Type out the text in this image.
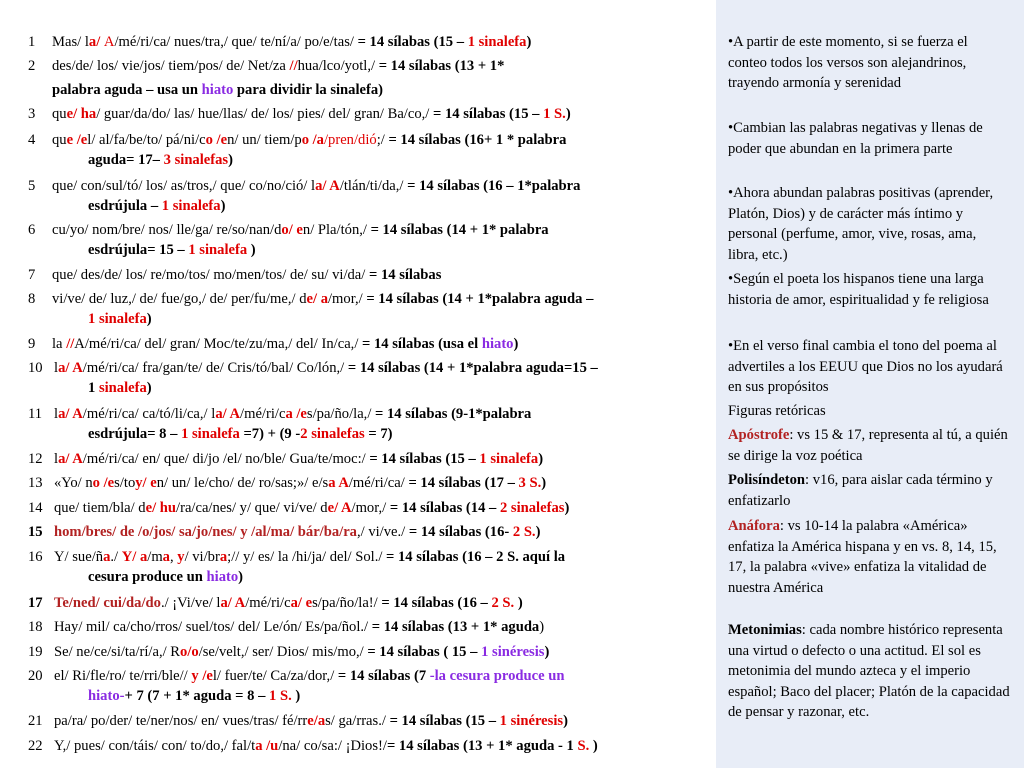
1 Mas/ la/ A/mé/ri/ca/ nues/tra,/ que/ te/ní/a/ po/e/tas/ = 14 sílabas (15 – 1 sinalefa)
2 des/de/ los/ vie/jos/ tiem/pos/ de/ Net/za //hua/lco/yotl,/ = 14 sílabas (13 + 1*
palabra aguda – usa un hiato para dividir la sinalefa)
3 que/ ha/ guar/da/do/ las/ hue/llas/ de/ los/ pies/ del/ gran/ Ba/co,/ = 14 sílabas (15 – 1 S.)
4 que /el/ al/fa/be/to/ pá/ni/co /en/ un/ tiem/po /a/pren/dió;/ = 14 sílabas (16+ 1 * palabra
aguda= 17– 3 sinalefas)
5 que/ con/sul/tó/ los/ as/tros,/ que/ co/no/ció/ la/ A/tlán/ti/da,/ = 14 sílabas (16 – 1*palabra
esdrújula – 1 sinalefa)
6 cu/yo/ nom/bre/ nos/ lle/ga/ re/so/nan/do/ en/ Pla/tón,/ = 14 sílabas (14 + 1* palabra
esdrújula= 15 – 1 sinalefa )
7 que/ des/de/ los/ re/mo/tos/ mo/men/tos/ de/ su/ vi/da/ = 14 sílabas
8 vi/ve/ de/ luz,/ de/ fue/go,/ de/ per/fu/me,/ de/ a/mor,/ = 14 sílabas (14 + 1*palabra aguda –
1 sinalefa)
9 la //A/mé/ri/ca/ del/ gran/ Moc/te/zu/ma,/ del/ In/ca,/ = 14 sílabas (usa el hiato)
10 la/ A/mé/ri/ca/ fra/gan/te/ de/ Cris/tó/bal/ Co/lón,/ = 14 sílabas (14 + 1*palabra aguda=15 –
1 sinalefa)
11 la/ A/mé/ri/ca/ ca/tó/li/ca,/ la/ A/mé/ri/ca /es/pa/ño/la,/ = 14 sílabas (9-1*palabra
esdrújula= 8 – 1 sinalefa =7) + (9 -2 sinalefas = 7)
12 la/ A/mé/ri/ca/ en/ que/ di/jo /el/ no/ble/ Gua/te/moc:/ = 14 sílabas (15 – 1 sinalefa)
13 «Yo/ no /es/toy/ en/ un/ le/cho/ de/ ro/sas;»/ e/sa A/mé/ri/ca/ = 14 sílabas (17 – 3 S.)
14 que/ tiem/bla/ de/ hu/ra/ca/nes/ y/ que/ vi/ve/ de/ A/mor,/ = 14 sílabas (14 – 2 sinalefas)
15 hom/bres/ de /o/jos/ sa/jo/nes/ y /al/ma/ bár/ba/ra,/ vi/ve./ = 14 sílabas (16- 2 S.)
16 Y/ sue/ña./ Y/ a/ma, y/ vi/bra;// y/ es/ la /hi/ja/ del/ Sol./ = 14 sílabas (16 – 2 S. aquí la
cesura produce un hiato)
17 Te/ned/ cui/da/do./ ¡Vi/ve/ la/ A/mé/ri/ca/ es/pa/ño/la!/ = 14 sílabas (16 – 2 S. )
18 Hay/ mil/ ca/cho/rros/ suel/tos/ del/ Le/ón/ Es/pa/ñol./ = 14 sílabas (13 + 1* aguda)
19 Se/ ne/ce/si/ta/rí/a,/ Ro/o/se/velt,/ ser/ Dios/ mis/mo,/ = 14 sílabas ( 15 – 1 sinéresis)
20 el/ Ri/fle/ro/ te/rri/ble// y /el/ fuer/te/ Ca/za/dor,/ = 14 sílabas (7 -la cesura produce un
hiato-+ 7 (7 + 1* aguda = 8 – 1 S. )
21 pa/ra/ po/der/ te/ner/nos/ en/ vues/tras/ fé/rre/as/ ga/rras./ = 14 sílabas (15 – 1 sinéresis)
22 Y,/ pues/ con/táis/ con/ to/do,/ fal/ta /u/na/ co/sa:/ ¡Dios!/= 14 sílabas (13 + 1* aguda - 1 S. )
•A partir de este momento, si se fuerza el conteo todos los versos son alejandrinos, trayendo armonía y serenidad
•Cambian las palabras negativas y llenas de poder que abundan en la primera parte
•Ahora abundan palabras positivas (aprender, Platón, Dios) y de carácter más íntimo y personal (perfume, amor, vive, rosas, ama, libra, etc.)
•Según el poeta los hispanos tiene una larga historia de amor, espiritualidad y fe religiosa
•En el verso final cambia el tono del poema al advertiles a los EEUU que Dios no los ayudará en sus propósitos
Figuras retóricas
Apóstrofe: vs 15 & 17, representa al tú, a quién se dirige la voz poética
Polisíndeton: v16, para aislar cada término y enfatizarlo
Anáfora: vs 10-14 la palabra «América» enfatiza la América hispana y en vs. 8, 14, 15, 17, la palabra «vive» enfatiza la vitalidad de nuestra América
Metonimias: cada nombre histórico representa una virtud o defecto o una actitud. El sol es metonimia del mundo azteca y el imperio español; Baco del placer; Platón de la capacidad de pensar y razonar, etc.
